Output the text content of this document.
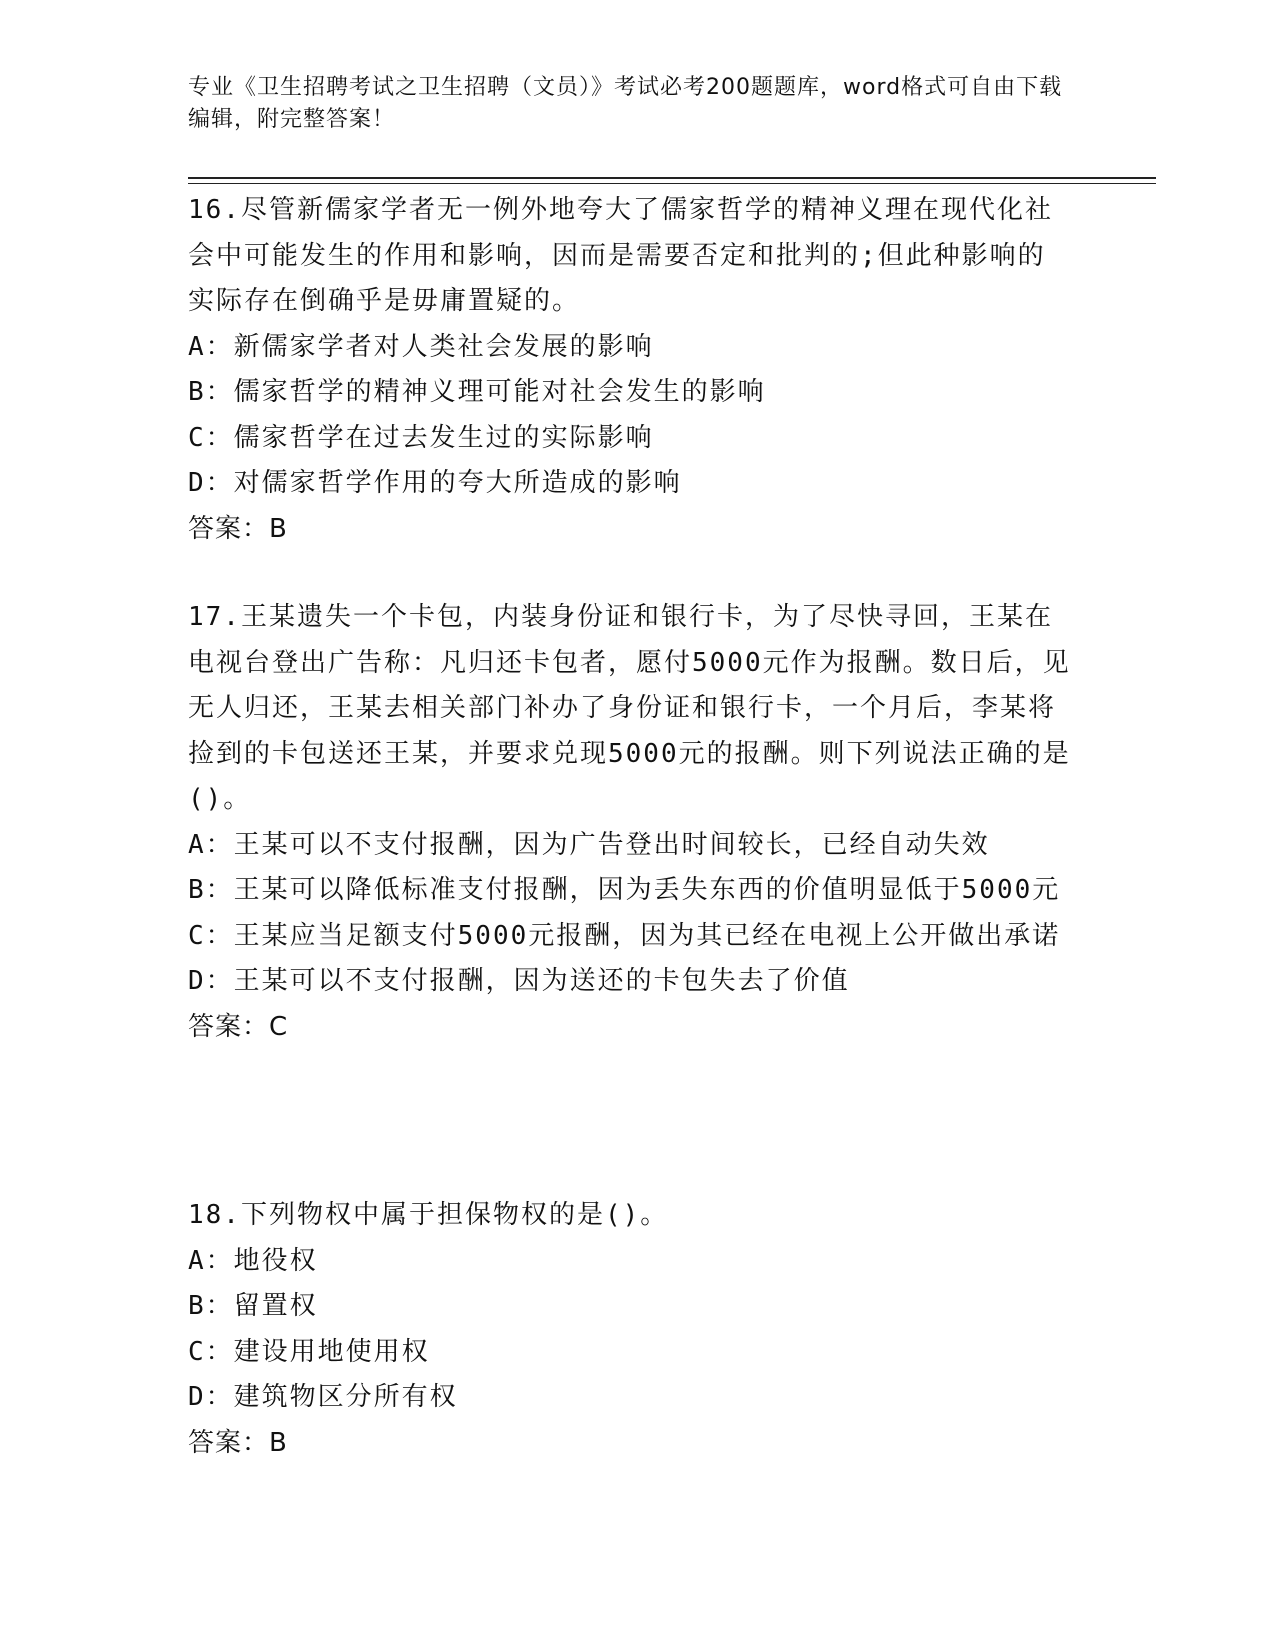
专业《卫生招聘考试之卫生招聘（文员）》考试必考200题题库，word格式可自由下载编辑，附完整答案！

16.尽管新儒家学者无一例外地夸大了儒家哲学的精神义理在现代化社会中可能发生的作用和影响，因而是需要否定和批判的;但此种影响的实际存在倒确乎是毋庸置疑的。

A：新儒家学者对人类社会发展的影响

B：儒家哲学的精神义理可能对社会发生的影响

C：儒家哲学在过去发生过的实际影响

D：对儒家哲学作用的夸大所造成的影响

答案：B

17.王某遗失一个卡包，内装身份证和银行卡，为了尽快寻回，王某在电视台登出广告称：凡归还卡包者，愿付5000元作为报酬。数日后，见无人归还，王某去相关部门补办了身份证和银行卡，一个月后，李某将捡到的卡包送还王某，并要求兑现5000元的报酬。则下列说法正确的是()。

A：王某可以不支付报酬，因为广告登出时间较长，已经自动失效

B：王某可以降低标准支付报酬，因为丢失东西的价值明显低于5000元

C：王某应当足额支付5000元报酬，因为其已经在电视上公开做出承诺

D：王某可以不支付报酬，因为送还的卡包失去了价值

答案：C

18.下列物权中属于担保物权的是()。

A：地役权

B：留置权

C：建设用地使用权

D：建筑物区分所有权

答案：B
